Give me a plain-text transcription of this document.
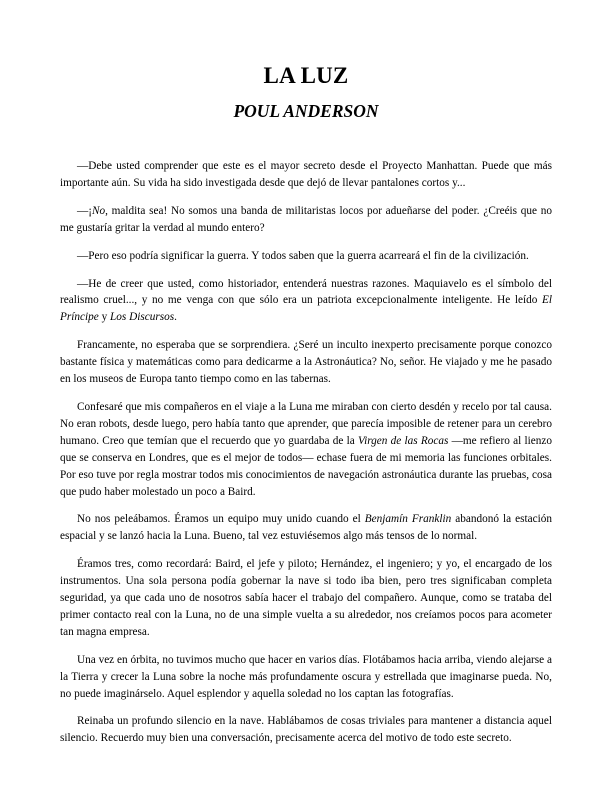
LA LUZ
POUL ANDERSON

—Debe usted comprender que este es el mayor secreto desde el Proyecto Manhattan. Puede que más importante aún. Su vida ha sido investigada desde que dejó de llevar pantalones cortos y...

—¡No, maldita sea! No somos una banda de militaristas locos por adueñarse del poder. ¿Creéis que no me gustaría gritar la verdad al mundo entero?

—Pero eso podría significar la guerra. Y todos saben que la guerra acarreará el fin de la civilización.

—He de creer que usted, como historiador, entenderá nuestras razones. Maquiavelo es el símbolo del realismo cruel..., y no me venga con que sólo era un patriota excepcionalmente inteligente. He leído El Príncipe y Los Discursos.

Francamente, no esperaba que se sorprendiera. ¿Seré un inculto inexperto precisamente porque conozco bastante física y matemáticas como para dedicarme a la Astronáutica? No, señor. He viajado y me he pasado en los museos de Europa tanto tiempo como en las tabernas.

Confesaré que mis compañeros en el viaje a la Luna me miraban con cierto desdén y recelo por tal causa. No eran robots, desde luego, pero había tanto que aprender, que parecía imposible de retener para un cerebro humano. Creo que temían que el recuerdo que yo guardaba de la Virgen de las Rocas —me refiero al lienzo que se conserva en Londres, que es el mejor de todos— echase fuera de mi memoria las funciones orbitales. Por eso tuve por regla mostrar todos mis conocimientos de navegación astronáutica durante las pruebas, cosa que pudo haber molestado un poco a Baird.

No nos peleábamos. Éramos un equipo muy unido cuando el Benjamín Franklin abandonó la estación espacial y se lanzó hacia la Luna. Bueno, tal vez estuviésemos algo más tensos de lo normal.

Éramos tres, como recordará: Baird, el jefe y piloto; Hernández, el ingeniero; y yo, el encargado de los instrumentos. Una sola persona podía gobernar la nave si todo iba bien, pero tres significaban completa seguridad, ya que cada uno de nosotros sabía hacer el trabajo del compañero. Aunque, como se trataba del primer contacto real con la Luna, no de una simple vuelta a su alrededor, nos creíamos pocos para acometer tan magna empresa.

Una vez en órbita, no tuvimos mucho que hacer en varios días. Flotábamos hacia arriba, viendo alejarse a la Tierra y crecer la Luna sobre la noche más profundamente oscura y estrellada que imaginarse pueda. No, no puede imaginárselo. Aquel esplendor y aquella soledad no los captan las fotografías.

Reinaba un profundo silencio en la nave. Hablábamos de cosas triviales para mantener a distancia aquel silencio. Recuerdo muy bien una conversación, precisamente acerca del motivo de todo este secreto.
